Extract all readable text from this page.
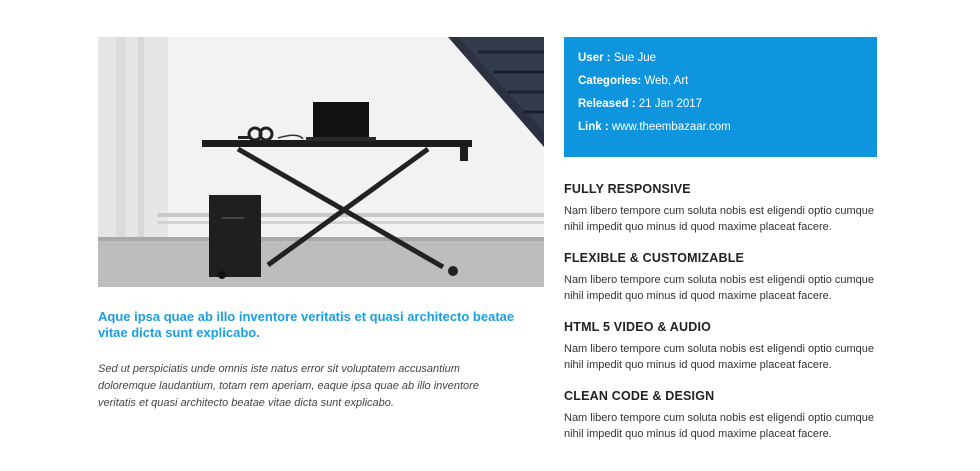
Aque ipsa quae ab illo inventore veritatis et quasi architecto beatae vitae dicta sunt explicabo.

Sed ut perspiciatis unde omnis iste natus error sit voluptatem accusantium doloremque laudantium, totam rem aperiam, eaque ipsa quae ab illo inventore veritatis et quasi architecto beatae vitae dicta sunt explicabo.

User : Sue Jue
Categories: Web, Art
Released : 21 Jan 2017
Link : www.theembazaar.com
FULLY RESPONSIVE

Nam libero tempore cum soluta nobis est eligendi optio cumque nihil impedit quo minus id quod maxime placeat facere.

FLEXIBLE & CUSTOMIZABLE

Nam libero tempore cum soluta nobis est eligendi optio cumque nihil impedit quo minus id quod maxime placeat facere.

HTML 5 VIDEO & AUDIO

Nam libero tempore cum soluta nobis est eligendi optio cumque nihil impedit quo minus id quod maxime placeat facere.

CLEAN CODE & DESIGN

Nam libero tempore cum soluta nobis est eligendi optio cumque nihil impedit quo minus id quod maxime placeat facere.
